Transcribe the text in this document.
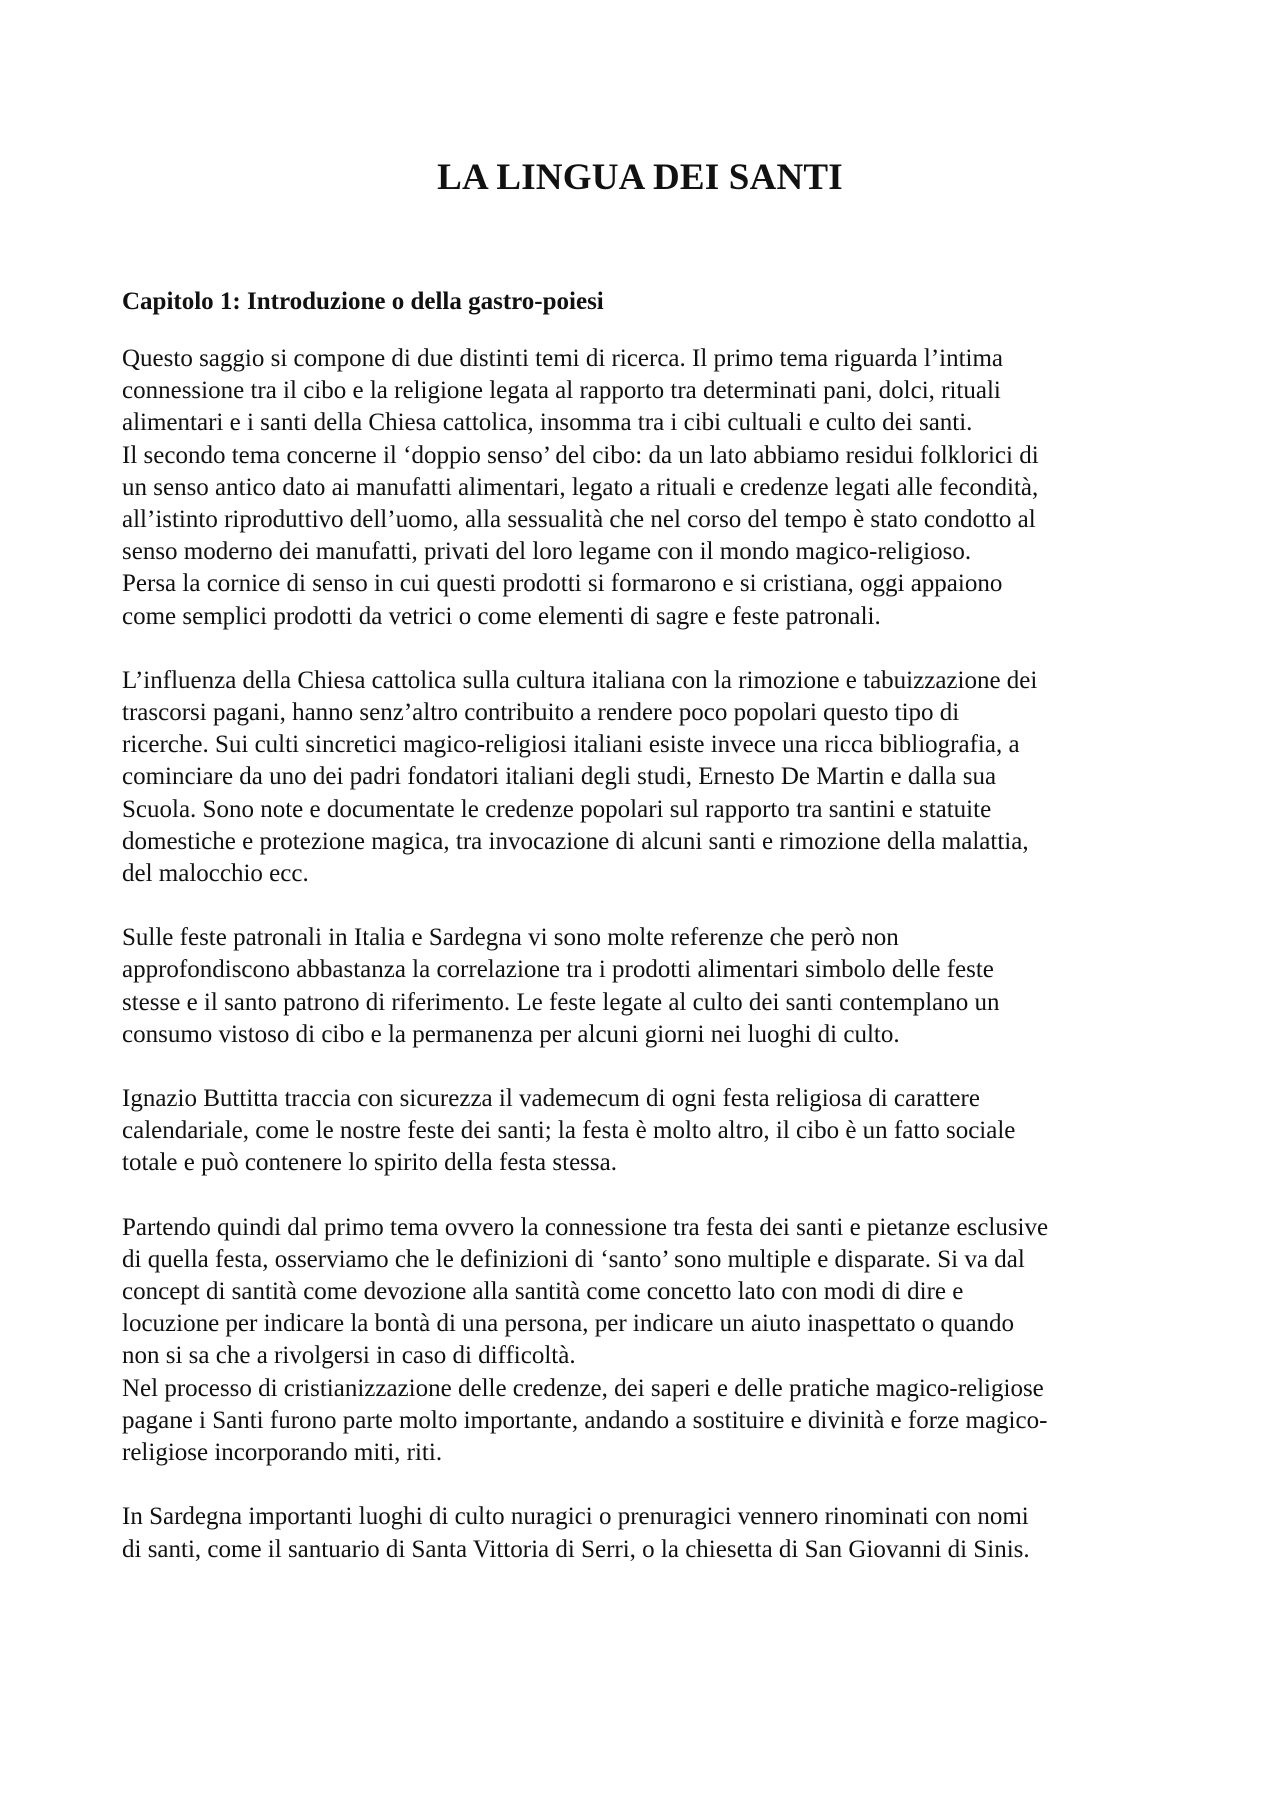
LA LINGUA DEI SANTI
Capitolo 1: Introduzione o della gastro-poiesi

Questo saggio si compone di due distinti temi di ricerca. Il primo tema riguarda l’intima
connessione tra il cibo e la religione legata al rapporto tra determinati pani, dolci, rituali
alimentari e i santi della Chiesa cattolica, insomma tra i cibi cultuali e culto dei santi.
Il secondo tema concerne il ‘doppio senso’ del cibo: da un lato abbiamo residui folklorici di
un senso antico dato ai manufatti alimentari, legato a rituali e credenze legati alle fecondità,
all’istinto riproduttivo dell’uomo, alla sessualità che nel corso del tempo è stato condotto al
senso moderno dei manufatti, privati del loro legame con il mondo magico-religioso.
Persa la cornice di senso in cui questi prodotti si formarono e si cristiana, oggi appaiono
come semplici prodotti da vetrici o come elementi di sagre e feste patronali.

L’influenza della Chiesa cattolica sulla cultura italiana con la rimozione e tabuizzazione dei
trascorsi pagani, hanno senz’altro contribuito a rendere poco popolari questo tipo di
ricerche. Sui culti sincretici magico-religiosi italiani esiste invece una ricca bibliografia, a
cominciare da uno dei padri fondatori italiani degli studi, Ernesto De Martin e dalla sua
Scuola. Sono note e documentate le credenze popolari sul rapporto tra santini e statuite
domestiche e protezione magica, tra invocazione di alcuni santi e rimozione della malattia,
del malocchio ecc.

Sulle feste patronali in Italia e Sardegna vi sono molte referenze che però non
approfondiscono abbastanza la correlazione tra i prodotti alimentari simbolo delle feste
stesse e il santo patrono di riferimento. Le feste legate al culto dei santi contemplano un
consumo vistoso di cibo e la permanenza per alcuni giorni nei luoghi di culto.

Ignazio Buttitta traccia con sicurezza il vademecum di ogni festa religiosa di carattere
calendariale, come le nostre feste dei santi; la festa è molto altro, il cibo è un fatto sociale
totale e può contenere lo spirito della festa stessa.

Partendo quindi dal primo tema ovvero la connessione tra festa dei santi e pietanze esclusive
di quella festa, osserviamo che le definizioni di ‘santo’ sono multiple e disparate. Si va dal
concept di santità come devozione alla santità come concetto lato con modi di dire e
locuzione per indicare la bontà di una persona, per indicare un aiuto inaspettato o quando
non si sa che a rivolgersi in caso di difficoltà.
Nel processo di cristianizzazione delle credenze, dei saperi e delle pratiche magico-religiose
pagane i Santi furono parte molto importante, andando a sostituire e divinità e forze magico-
religiose incorporando miti, riti.

In Sardegna importanti luoghi di culto nuragici o prenuragici vennero rinominati con nomi
di santi, come il santuario di Santa Vittoria di Serri, o la chiesetta di San Giovanni di Sinis.
